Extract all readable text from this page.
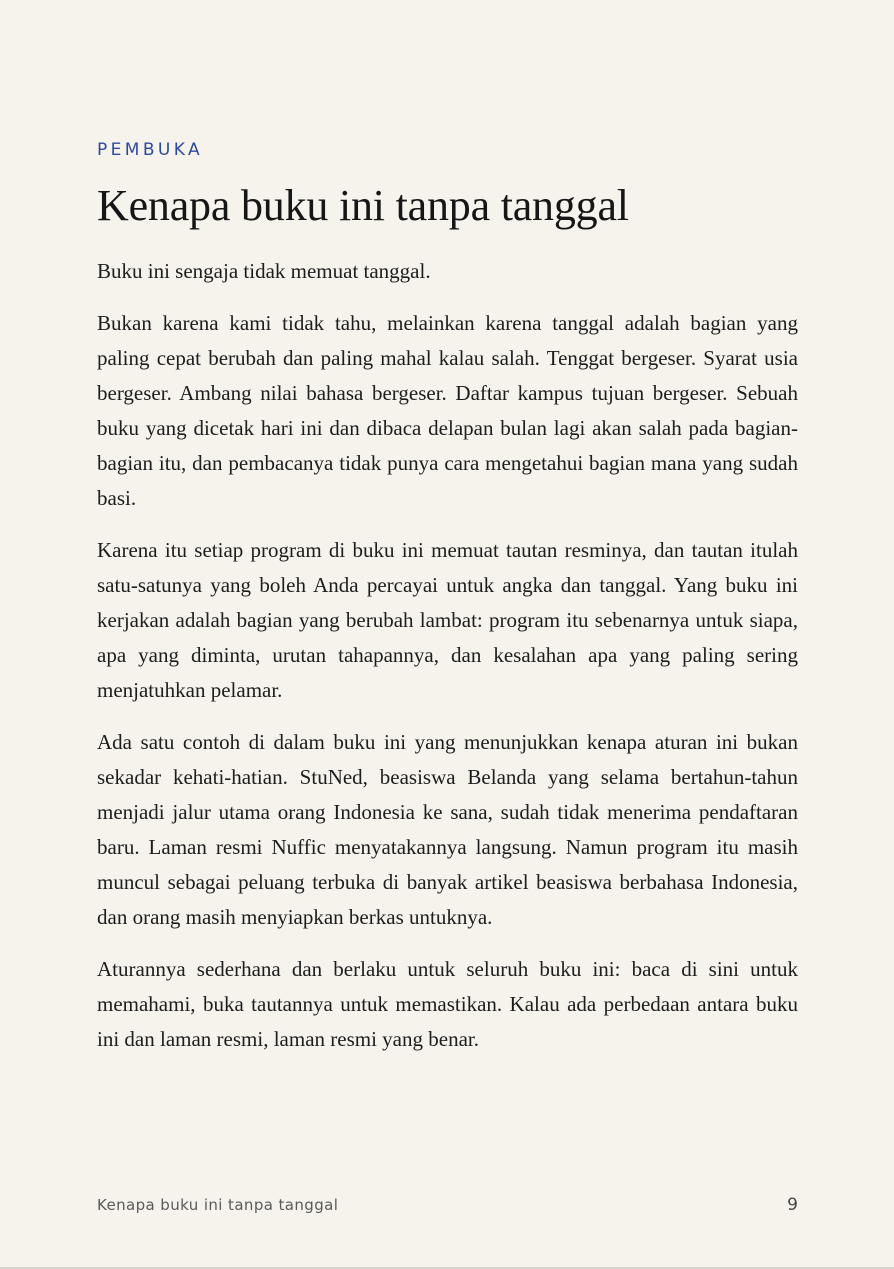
PEMBUKA

Kenapa buku ini tanpa tanggal

Buku ini sengaja tidak memuat tanggal.

Bukan karena kami tidak tahu, melainkan karena tanggal adalah bagian yang paling cepat berubah dan paling mahal kalau salah. Tenggat bergeser. Syarat usia bergeser. Ambang nilai bahasa bergeser. Daftar kampus tujuan bergeser. Sebuah buku yang dicetak hari ini dan dibaca delapan bulan lagi akan salah pada bagian-bagian itu, dan pembacanya tidak punya cara mengetahui bagian mana yang sudah basi.

Karena itu setiap program di buku ini memuat tautan resminya, dan tautan itulah satu-satunya yang boleh Anda percayai untuk angka dan tanggal. Yang buku ini kerjakan adalah bagian yang berubah lambat: program itu sebenarnya untuk siapa, apa yang diminta, urutan tahapannya, dan kesalahan apa yang paling sering menjatuhkan pelamar.

Ada satu contoh di dalam buku ini yang menunjukkan kenapa aturan ini bukan sekadar kehati-hatian. StuNed, beasiswa Belanda yang selama bertahun-tahun menjadi jalur utama orang Indonesia ke sana, sudah tidak menerima pendaftaran baru. Laman resmi Nuffic menyatakannya langsung. Namun program itu masih muncul sebagai peluang terbuka di banyak artikel beasiswa berbahasa Indonesia, dan orang masih menyiapkan berkas untuknya.

Aturannya sederhana dan berlaku untuk seluruh buku ini: baca di sini untuk memahami, buka tautannya untuk memastikan. Kalau ada perbedaan antara buku ini dan laman resmi, laman resmi yang benar.

Kenapa buku ini tanpa tanggal	9
